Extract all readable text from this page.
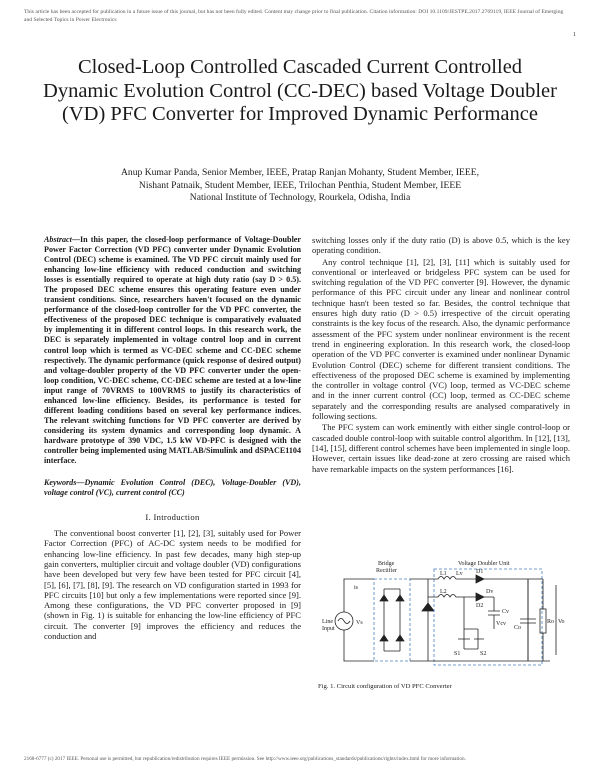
This article has been accepted for publication in a future issue of this journal, but has not been fully edited. Content may change prior to final publication. Citation information: DOI 10.1109/JESTPE.2017.2769119, IEEE Journal of Emerging and Selected Topics in Power Electronics
1
Closed-Loop Controlled Cascaded Current Controlled Dynamic Evolution Control (CC-DEC) based Voltage Doubler (VD) PFC Converter for Improved Dynamic Performance
Anup Kumar Panda, Senior Member, IEEE, Pratap Ranjan Mohanty, Student Member, IEEE,
Nishant Patnaik, Student Member, IEEE, Trilochan Penthia, Student Member, IEEE
National Institute of Technology, Rourkela, Odisha, India

Abstract—In this paper, the closed-loop performance of Voltage-Doubler Power Factor Correction (VD PFC) converter under Dynamic Evolution Control (DEC) scheme is examined. The VD PFC circuit mainly used for enhancing low-line efficiency with reduced conduction and switching losses is essentially required to operate at high duty ratio (say D > 0.5). The proposed DEC scheme ensures this operating feature even under transient conditions. Since, researchers haven't focused on the dynamic performance of the closed-loop controller for the VD PFC converter, the effectiveness of the proposed DEC technique is comparatively evaluated by implementing it in different control loops. In this research work, the DEC is separately implemented in voltage control loop and in current control loop which is termed as VC-DEC scheme and CC-DEC scheme respectively. The dynamic performance (quick response of desired output) and voltage-doubler property of the VD PFC converter under the open-loop condition, VC-DEC scheme, CC-DEC scheme are tested at a low-line input range of 70VRMS to 100VRMS to justify its characteristics of enhanced low-line efficiency. Besides, its performance is tested for different loading conditions based on several key performance indices. The relevant switching functions for VD PFC converter are derived by considering its system dynamics and corresponding loop dynamic. A hardware prototype of 390 VDC, 1.5 kW VD-PFC is designed with the controller being implemented using MATLAB/Simulink and dSPACE1104 interface.

Keywords—Dynamic Evolution Control (DEC), Voltage-Doubler (VD), voltage control (VC), current control (CC)

I. Introduction

The conventional boost converter [1], [2], [3], suitably used for Power Factor Correction (PFC) of AC-DC system needs to be modified for enhancing low-line efficiency. In past few decades, many high step-up gain converters, multiplier circuit and voltage doubler (VD) configurations have been developed but very few have been tested for PFC circuit [4], [5], [6], [7], [8], [9]. The research on VD configuration started in 1993 for PFC circuits [10] but only a few implementations were reported since [9]. Among these configurations, the VD PFC converter proposed in [9] (shown in Fig. 1) is suitable for enhancing the low-line efficiency of PFC circuit. The converter [9] improves the efficiency and reduces the conduction and

switching losses only if the duty ratio (D) is above 0.5, which is the key operating condition.

Any control technique [1], [2], [3], [11] which is suitably used for conventional or interleaved or bridgeless PFC system can be used for switching regulation of the VD PFC converter [9]. However, the dynamic performance of this PFC circuit under any linear and nonlinear control technique hasn't been tested so far. Besides, the control technique that ensures high duty ratio (D > 0.5) irrespective of the circuit operating constraints is the key focus of the research. Also, the dynamic performance assessment of the PFC system under nonlinear environment is the recent trend in engineering exploration. In this research work, the closed-loop operation of the VD PFC converter is examined under nonlinear Dynamic Evolution Control (DEC) scheme for different transient conditions. The effectiveness of the proposed DEC scheme is examined by implementing the controller in voltage control (VC) loop, termed as VC-DEC scheme and in the inner current control (CC) loop, termed as CC-DEC scheme separately and the corresponding results are analysed comparatively in following sections.

The PFC system can work eminently with either single control-loop or cascaded double control-loop with suitable control algorithm. In [12], [13], [14], [15], different control schemes have been implemented in single loop. However, certain issues like dead-zone at zero crossing are raised which have remarkable impacts on the system performances [16].

Bridge
Rectifier
Voltage Doubler Unit
Line
Input
is
Vs
L1
L2
Lv
Cv
D1
D2
Dv
S1	S2
Co
Ro Vo
Vcv
Fig. 1. Circuit configuration of VD PFC Converter
2168-6777 (c) 2017 IEEE. Personal use is permitted, but republication/redistribution requires IEEE permission. See http://www.ieee.org/publications_standards/publications/rights/index.html for more information.
